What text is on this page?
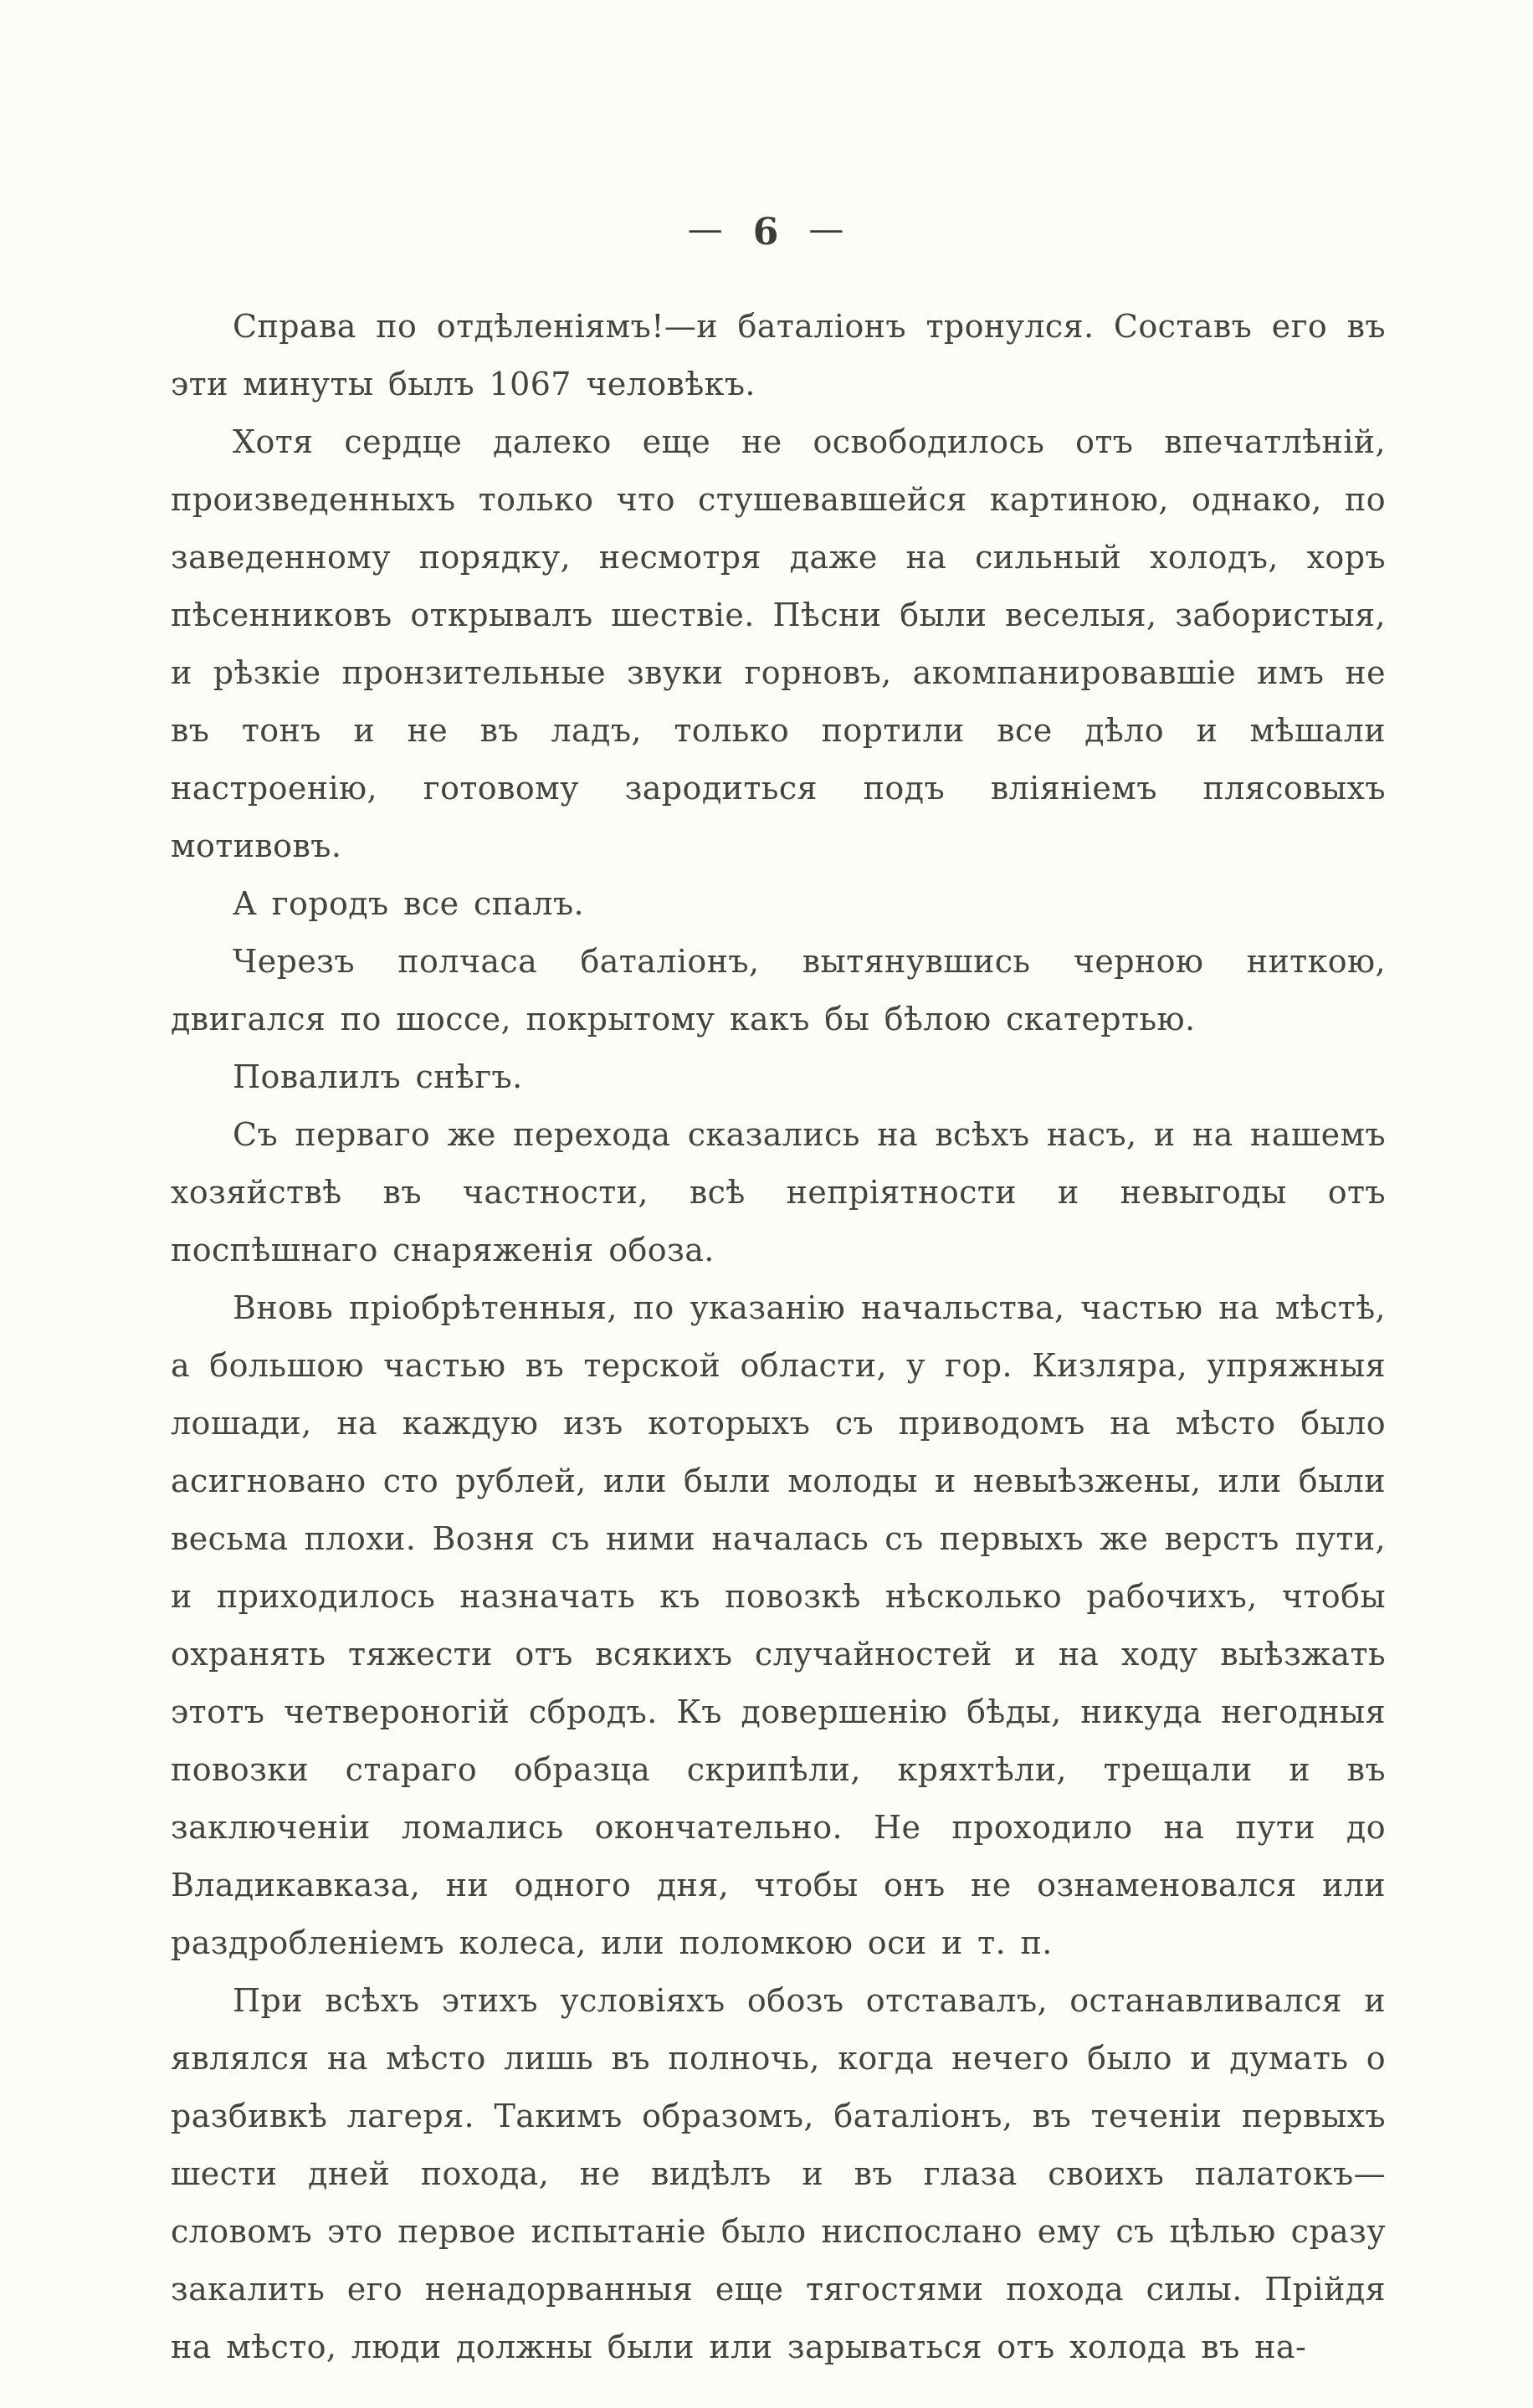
— 6 —

Справа по отдѣленіямъ!—и баталіонъ тронулся. Составъ его въ эти минуты былъ 1067 человѣкъ.

Хотя сердце далеко еще не освободилось отъ впечатлѣній, произведенныхъ только что стушевавшейся картиною, однако, по заведенному порядку, несмотря даже на сильный холодъ, хоръ пѣсенниковъ открывалъ шествіе. Пѣсни были веселыя, забористыя, и рѣзкіе пронзительные звуки горновъ, акомпанировавшіе имъ не въ тонъ и не въ ладъ, только портили все дѣло и мѣшали настроенію, готовому зародиться подъ вліяніемъ плясовыхъ мотивовъ.

А городъ все спалъ.

Черезъ полчаса баталіонъ, вытянувшись черною ниткою, двигался по шоссе, покрытому какъ бы бѣлою скатертью.

Повалилъ снѣгъ.

Съ перваго же перехода сказались на всѣхъ насъ, и на нашемъ хозяйствѣ въ частности, всѣ непріятности и невыгоды отъ поспѣшнаго снаряженія обоза.

Вновь пріобрѣтенныя, по указанію начальства, частью на мѣстѣ, а большою частью въ терской области, у гор. Кизляра, упряжныя лошади, на каждую изъ которыхъ съ приводомъ на мѣсто было асигновано сто рублей, или были молоды и невыѣзжены, или были весьма плохи. Возня съ ними началась съ первыхъ же верстъ пути, и приходилось назначать къ повозкѣ нѣсколько рабочихъ, чтобы охранять тяжести отъ всякихъ случайностей и на ходу выѣзжать этотъ четвероногій сбродъ. Къ довершенію бѣды, никуда негодныя повозки стараго образца скрипѣли, кряхтѣли, трещали и въ заключеніи ломались окончательно. Не проходило на пути до Владикавказа, ни одного дня, чтобы онъ не ознаменовался или раздробленіемъ колеса, или поломкою оси и т. п.

При всѣхъ этихъ условіяхъ обозъ отставалъ, останавливался и являлся на мѣсто лишь въ полночь, когда нечего было и думать о разбивкѣ лагеря. Такимъ образомъ, баталіонъ, въ теченіи первыхъ шести дней похода, не видѣлъ и въ глаза своихъ палатокъ— словомъ это первое испытаніе было ниспослано ему съ цѣлью сразу закалить его ненадорванныя еще тягостями похода силы. Прійдя на мѣсто, люди должны были или зарываться отъ холода въ на-
